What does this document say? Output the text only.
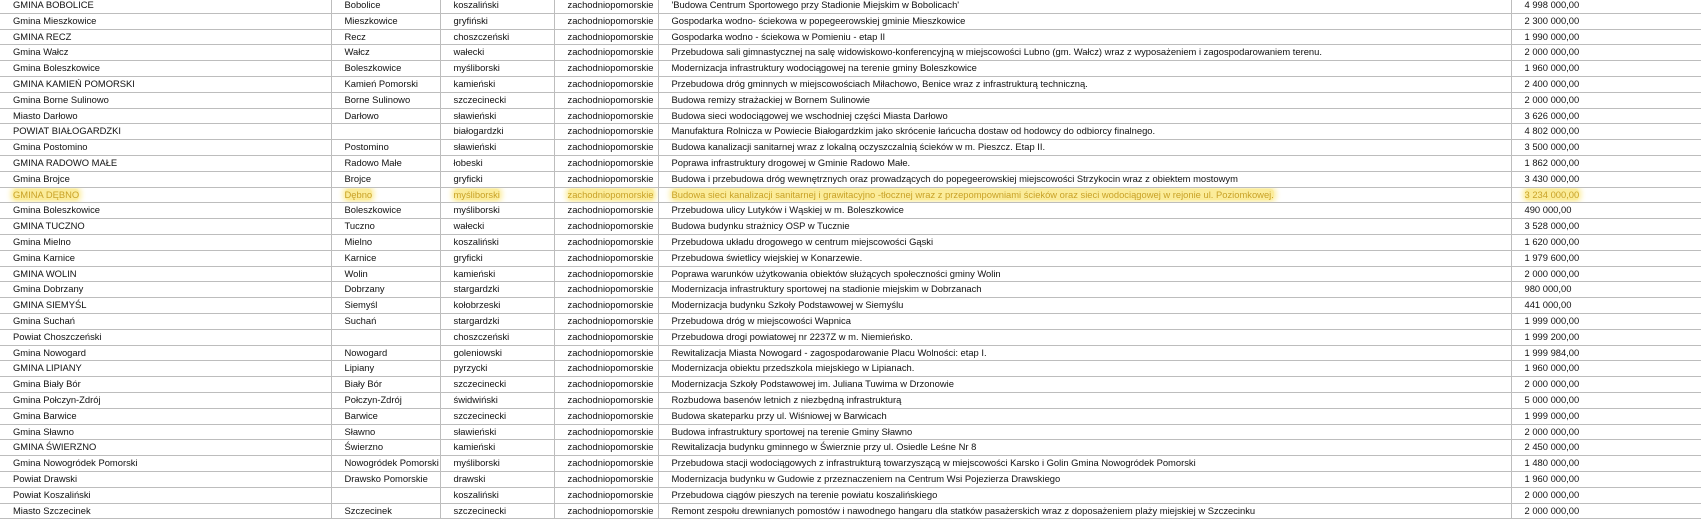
GMINA BOBOLICE	Bobolice	koszaliński	zachodniopomorskie	'Budowa Centrum Sportowego przy Stadionie Miejskim w Bobolicach'	4 998 000,00
Gmina Mieszkowice	Mieszkowice	gryfiński	zachodniopomorskie	Gospodarka wodno- ściekowa w popegeerowskiej gminie Mieszkowice	2 300 000,00
GMINA RECZ	Recz	choszczeński	zachodniopomorskie	Gospodarka wodno - ściekowa w Pomieniu - etap II	1 990 000,00
Gmina Wałcz	Wałcz	wałecki	zachodniopomorskie	Przebudowa sali gimnastycznej na salę widowiskowo-konferencyjną w miejscowości Lubno (gm. Wałcz) wraz z wyposażeniem i zagospodarowaniem terenu.	2 000 000,00
Gmina Boleszkowice	Boleszkowice	myśliborski	zachodniopomorskie	Modernizacja infrastruktury wodociągowej na terenie gminy Boleszkowice	1 960 000,00
GMINA KAMIEŃ POMORSKI	Kamień Pomorski	kamieński	zachodniopomorskie	Przebudowa dróg gminnych w miejscowościach Miłachowo, Benice wraz z infrastrukturą techniczną.	2 400 000,00
Gmina Borne Sulinowo	Borne Sulinowo	szczecinecki	zachodniopomorskie	Budowa remizy strażackiej w Bornem Sulinowie	2 000 000,00
Miasto Darłowo	Darłowo	sławieński	zachodniopomorskie	Budowa sieci wodociągowej we wschodniej części Miasta Darłowo	3 626 000,00
POWIAT BIAŁOGARDZKI		białogardzki	zachodniopomorskie	Manufaktura Rolnicza w Powiecie Białogardzkim jako skrócenie łańcucha dostaw od hodowcy do odbiorcy finalnego.	4 802 000,00
Gmina Postomino	Postomino	sławieński	zachodniopomorskie	Budowa kanalizacji sanitarnej wraz z lokalną oczyszczalnią ścieków w m. Pieszcz. Etap II.	3 500 000,00
GMINA RADOWO MAŁE	Radowo Małe	łobeski	zachodniopomorskie	Poprawa infrastruktury drogowej w Gminie Radowo Małe.	1 862 000,00
Gmina Brojce	Brojce	gryficki	zachodniopomorskie	Budowa i przebudowa dróg wewnętrznych oraz prowadzących do popegeerowskiej miejscowości Strzykocin wraz z obiektem mostowym	3 430 000,00
GMINA DĘBNO	Dębno	myśliborski	zachodniopomorskie	Budowa sieci kanalizacji sanitarnej i grawitacyjno -tłocznej wraz z przepompowniami ścieków oraz sieci wodociągowej w rejonie ul. Poziomkowej.	3 234 000,00
Gmina Boleszkowice	Boleszkowice	myśliborski	zachodniopomorskie	Przebudowa ulicy Lutyków i Wąskiej w m. Boleszkowice	490 000,00
GMINA TUCZNO	Tuczno	wałecki	zachodniopomorskie	Budowa budynku strażnicy OSP w Tucznie	3 528 000,00
Gmina Mielno	Mielno	koszaliński	zachodniopomorskie	Przebudowa układu drogowego w centrum miejscowości Gąski	1 620 000,00
Gmina Karnice	Karnice	gryficki	zachodniopomorskie	Przebudowa świetlicy wiejskiej w Konarzewie.	1 979 600,00
GMINA WOLIN	Wolin	kamieński	zachodniopomorskie	Poprawa warunków użytkowania obiektów służących społeczności gminy Wolin	2 000 000,00
Gmina Dobrzany	Dobrzany	stargardzki	zachodniopomorskie	Modernizacja infrastruktury sportowej na stadionie miejskim w Dobrzanach	980 000,00
GMINA SIEMYŚL	Siemyśl	kołobrzeski	zachodniopomorskie	Modernizacja budynku Szkoły Podstawowej w Siemyślu	441 000,00
Gmina Suchań	Suchań	stargardzki	zachodniopomorskie	Przebudowa dróg w miejscowości Wapnica	1 999 000,00
Powiat Choszczeński		choszczeński	zachodniopomorskie	Przebudowa drogi powiatowej nr 2237Z w m. Niemieńsko.	1 999 200,00
Gmina Nowogard	Nowogard	goleniowski	zachodniopomorskie	Rewitalizacja Miasta Nowogard - zagospodarowanie Placu Wolności: etap I.	1 999 984,00
GMINA LIPIANY	Lipiany	pyrzycki	zachodniopomorskie	Modernizacja obiektu przedszkola miejskiego w Lipianach.	1 960 000,00
Gmina Biały Bór	Biały Bór	szczecinecki	zachodniopomorskie	Modernizacja Szkoły Podstawowej im. Juliana Tuwima w Drzonowie	2 000 000,00
Gmina Połczyn-Zdrój	Połczyn-Zdrój	świdwiński	zachodniopomorskie	Rozbudowa basenów letnich z niezbędną infrastrukturą	5 000 000,00
Gmina Barwice	Barwice	szczecinecki	zachodniopomorskie	Budowa skateparku przy ul. Wiśniowej w Barwicach	1 999 000,00
Gmina Sławno	Sławno	sławieński	zachodniopomorskie	Budowa infrastruktury sportowej na terenie Gminy Sławno	2 000 000,00
GMINA ŚWIERZNO	Świerzno	kamieński	zachodniopomorskie	Rewitalizacja budynku gminnego w Świerznie przy ul. Osiedle Leśne Nr 8	2 450 000,00
Gmina Nowogródek Pomorski	Nowogródek Pomorski	myśliborski	zachodniopomorskie	Przebudowa stacji wodociągowych z infrastrukturą towarzyszącą w miejscowości Karsko i Golin Gmina Nowogródek Pomorski	1 480 000,00
Powiat Drawski	Drawsko Pomorskie	drawski	zachodniopomorskie	Modernizacja budynku w Gudowie z przeznaczeniem na Centrum Wsi Pojezierza Drawskiego	1 960 000,00
Powiat Koszaliński		koszaliński	zachodniopomorskie	Przebudowa ciągów pieszych na terenie powiatu koszalińskiego	2 000 000,00
Miasto Szczecinek	Szczecinek	szczecinecki	zachodniopomorskie	Remont zespołu drewnianych pomostów i nawodnego hangaru dla statków pasażerskich wraz z doposażeniem plaży miejskiej w Szczecinku	2 000 000,00
